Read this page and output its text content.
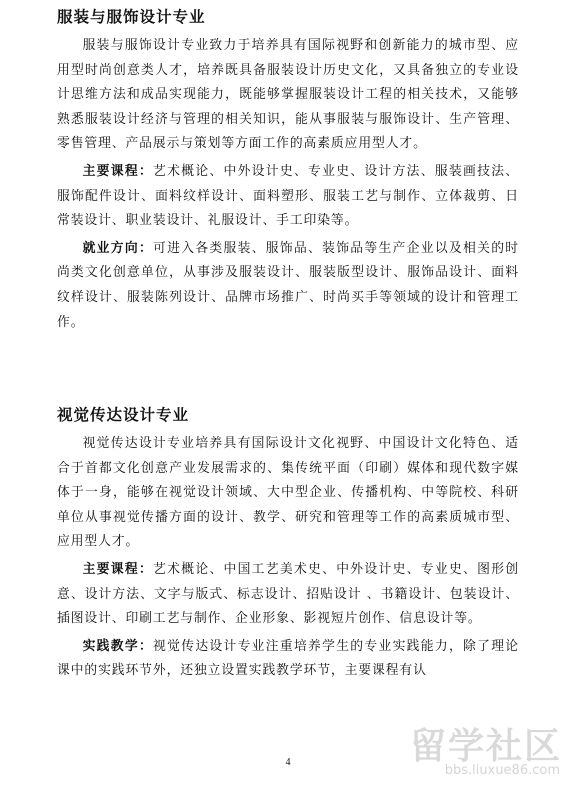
服装与服饰设计专业

服装与服饰设计专业致力于培养具有国际视野和创新能力的城市型、应用型时尚创意类人才，培养既具备服装设计历史文化，又具备独立的专业设计思维方法和成品实现能力，既能够掌握服装设计工程的相关技术，又能够熟悉服装设计经济与管理的相关知识，能从事服装与服饰设计、生产管理、零售管理、产品展示与策划等方面工作的高素质应用型人才。

主要课程：艺术概论、中外设计史、专业史、设计方法、服装画技法、服饰配件设计、面料纹样设计、面料塑形、服装工艺与制作、立体裁剪、日常装设计、职业装设计、礼服设计、手工印染等。

就业方向：可进入各类服装、服饰品、装饰品等生产企业以及相关的时尚类文化创意单位，从事涉及服装设计、服装版型设计、服饰品设计、面料纹样设计、服装陈列设计、品牌市场推广、时尚买手等领域的设计和管理工作。

视觉传达设计专业

视觉传达设计专业培养具有国际设计文化视野、中国设计文化特色、适合于首都文化创意产业发展需求的、集传统平面（印刷）媒体和现代数字媒体于一身，能够在视觉设计领域、大中型企业、传播机构、中等院校、科研单位从事视觉传播方面的设计、教学、研究和管理等工作的高素质城市型、应用型人才。

主要课程：艺术概论、中国工艺美术史、中外设计史、专业史、图形创意、设计方法、文字与版式、标志设计、招贴设计 、书籍设计、包装设计、插图设计、印刷工艺与制作、企业形象、影视短片创作、信息设计等。

实践教学：视觉传达设计专业注重培养学生的专业实践能力，除了理论课中的实践环节外，还独立设置实践教学环节，主要课程有认

4	留学社区
bbs.liuxue86.com
